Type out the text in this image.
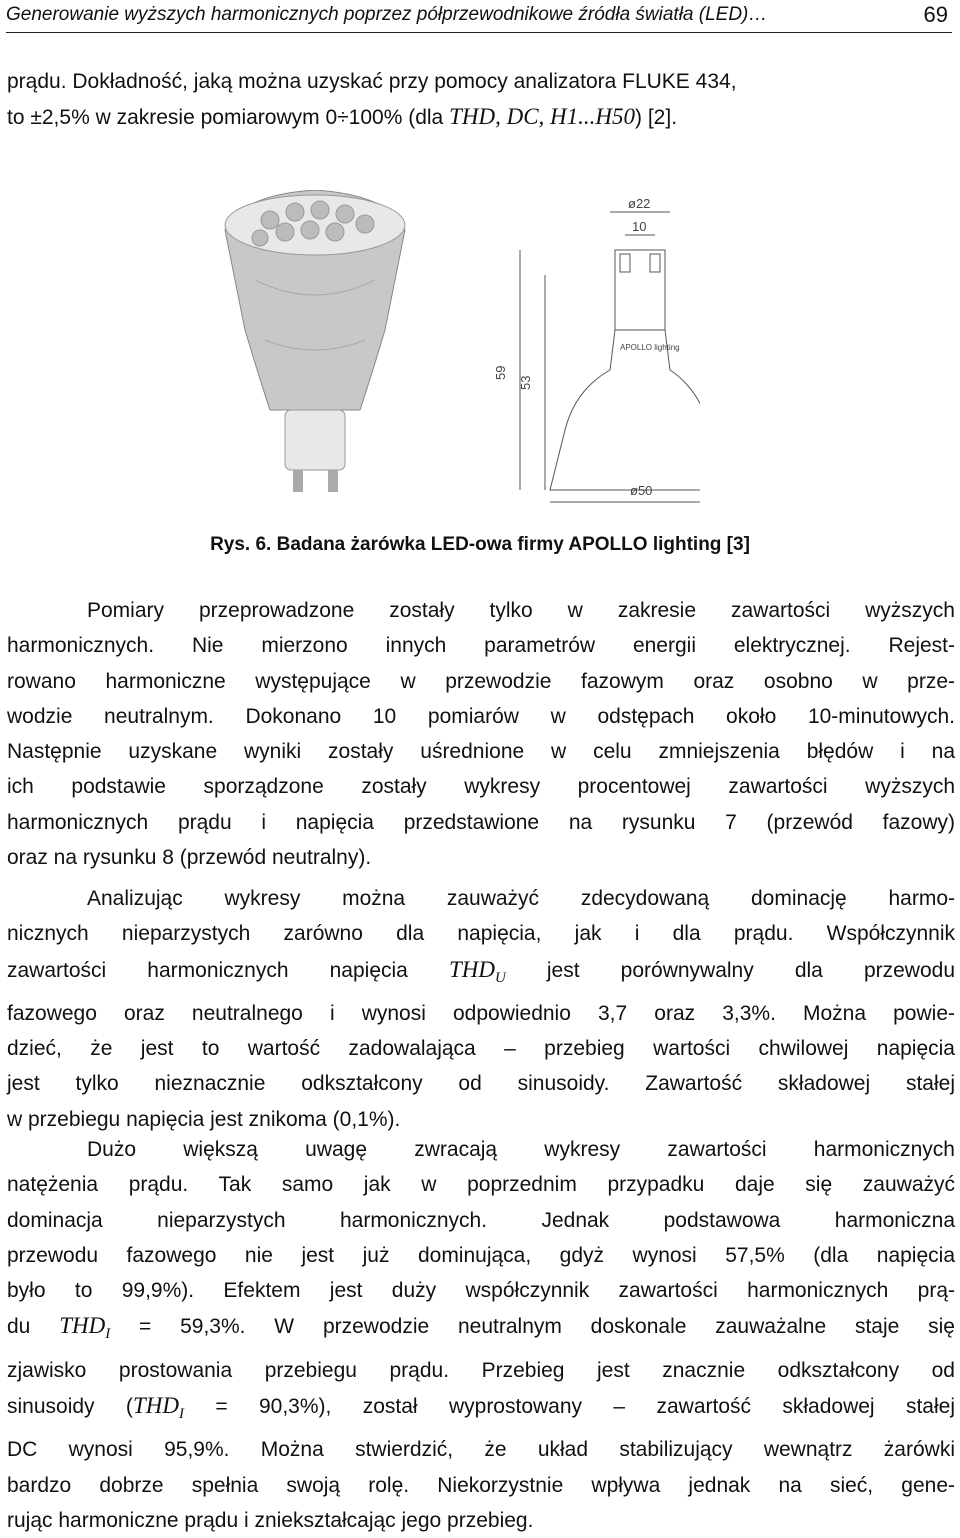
Generowanie wyższych harmonicznych poprzez półprzewodnikowe źródła światła (LED)…	69
prądu. Dokładność, jaką można uzyskać przy pomocy analizatora FLUKE 434,
to ±2,5% w zakresie pomiarowym 0÷100% (dla THD, DC, H1...H50) [2].
ø22
10
59
53
ø50
APOLLO lighting
Rys. 6. Badana żarówka LED-owa firmy APOLLO lighting [3]
Pomiary przeprowadzone zostały tylko w zakresie zawartości wyższych
harmonicznych. Nie mierzono innych parametrów energii elektrycznej. Rejest-
rowano harmoniczne występujące w przewodzie fazowym oraz osobno w prze-
wodzie neutralnym. Dokonano 10 pomiarów w odstępach około 10-minutowych.
Następnie uzyskane wyniki zostały uśrednione w celu zmniejszenia błędów i na
ich podstawie sporządzone zostały wykresy procentowej zawartości wyższych
harmonicznych prądu i napięcia przedstawione na rysunku 7 (przewód fazowy)
oraz na rysunku 8 (przewód neutralny).
Analizując wykresy można zauważyć zdecydowaną dominację harmo-
nicznych nieparzystych zarówno dla napięcia, jak i dla prądu. Współczynnik
zawartości harmonicznych napięcia $THD_U$ jest porównywalny dla przewodu
fazowego oraz neutralnego i wynosi odpowiednio 3,7 oraz 3,3%. Można powie-
dzieć, że jest to wartość zadowalająca – przebieg wartości chwilowej napięcia
jest tylko nieznacznie odkształcony od sinusoidy. Zawartość składowej stałej
w przebiegu napięcia jest znikoma (0,1%).
Dużo większą uwagę zwracają wykresy zawartości harmonicznych
natężenia prądu. Tak samo jak w poprzednim przypadku daje się zauważyć
dominacja nieparzystych harmonicznych. Jednak podstawowa harmoniczna
przewodu fazowego nie jest już dominująca, gdyż wynosi 57,5% (dla napięcia
było to 99,9%). Efektem jest duży współczynnik zawartości harmonicznych prą-
du $THD_I = 59,3\%$. W przewodzie neutralnym doskonale zauważalne staje się
zjawisko prostowania przebiegu prądu. Przebieg jest znacznie odkształcony od
sinusoidy $(THD_I = 90,3\%)$, został wyprostowany – zawartość składowej stałej
DC wynosi 95,9%. Można stwierdzić, że układ stabilizujący wewnątrz żarówki
bardzo dobrze spełnia swoją rolę. Niekorzystnie wpływa jednak na sieć, gene-
rując harmoniczne prądu i zniekształcając jego przebieg.
